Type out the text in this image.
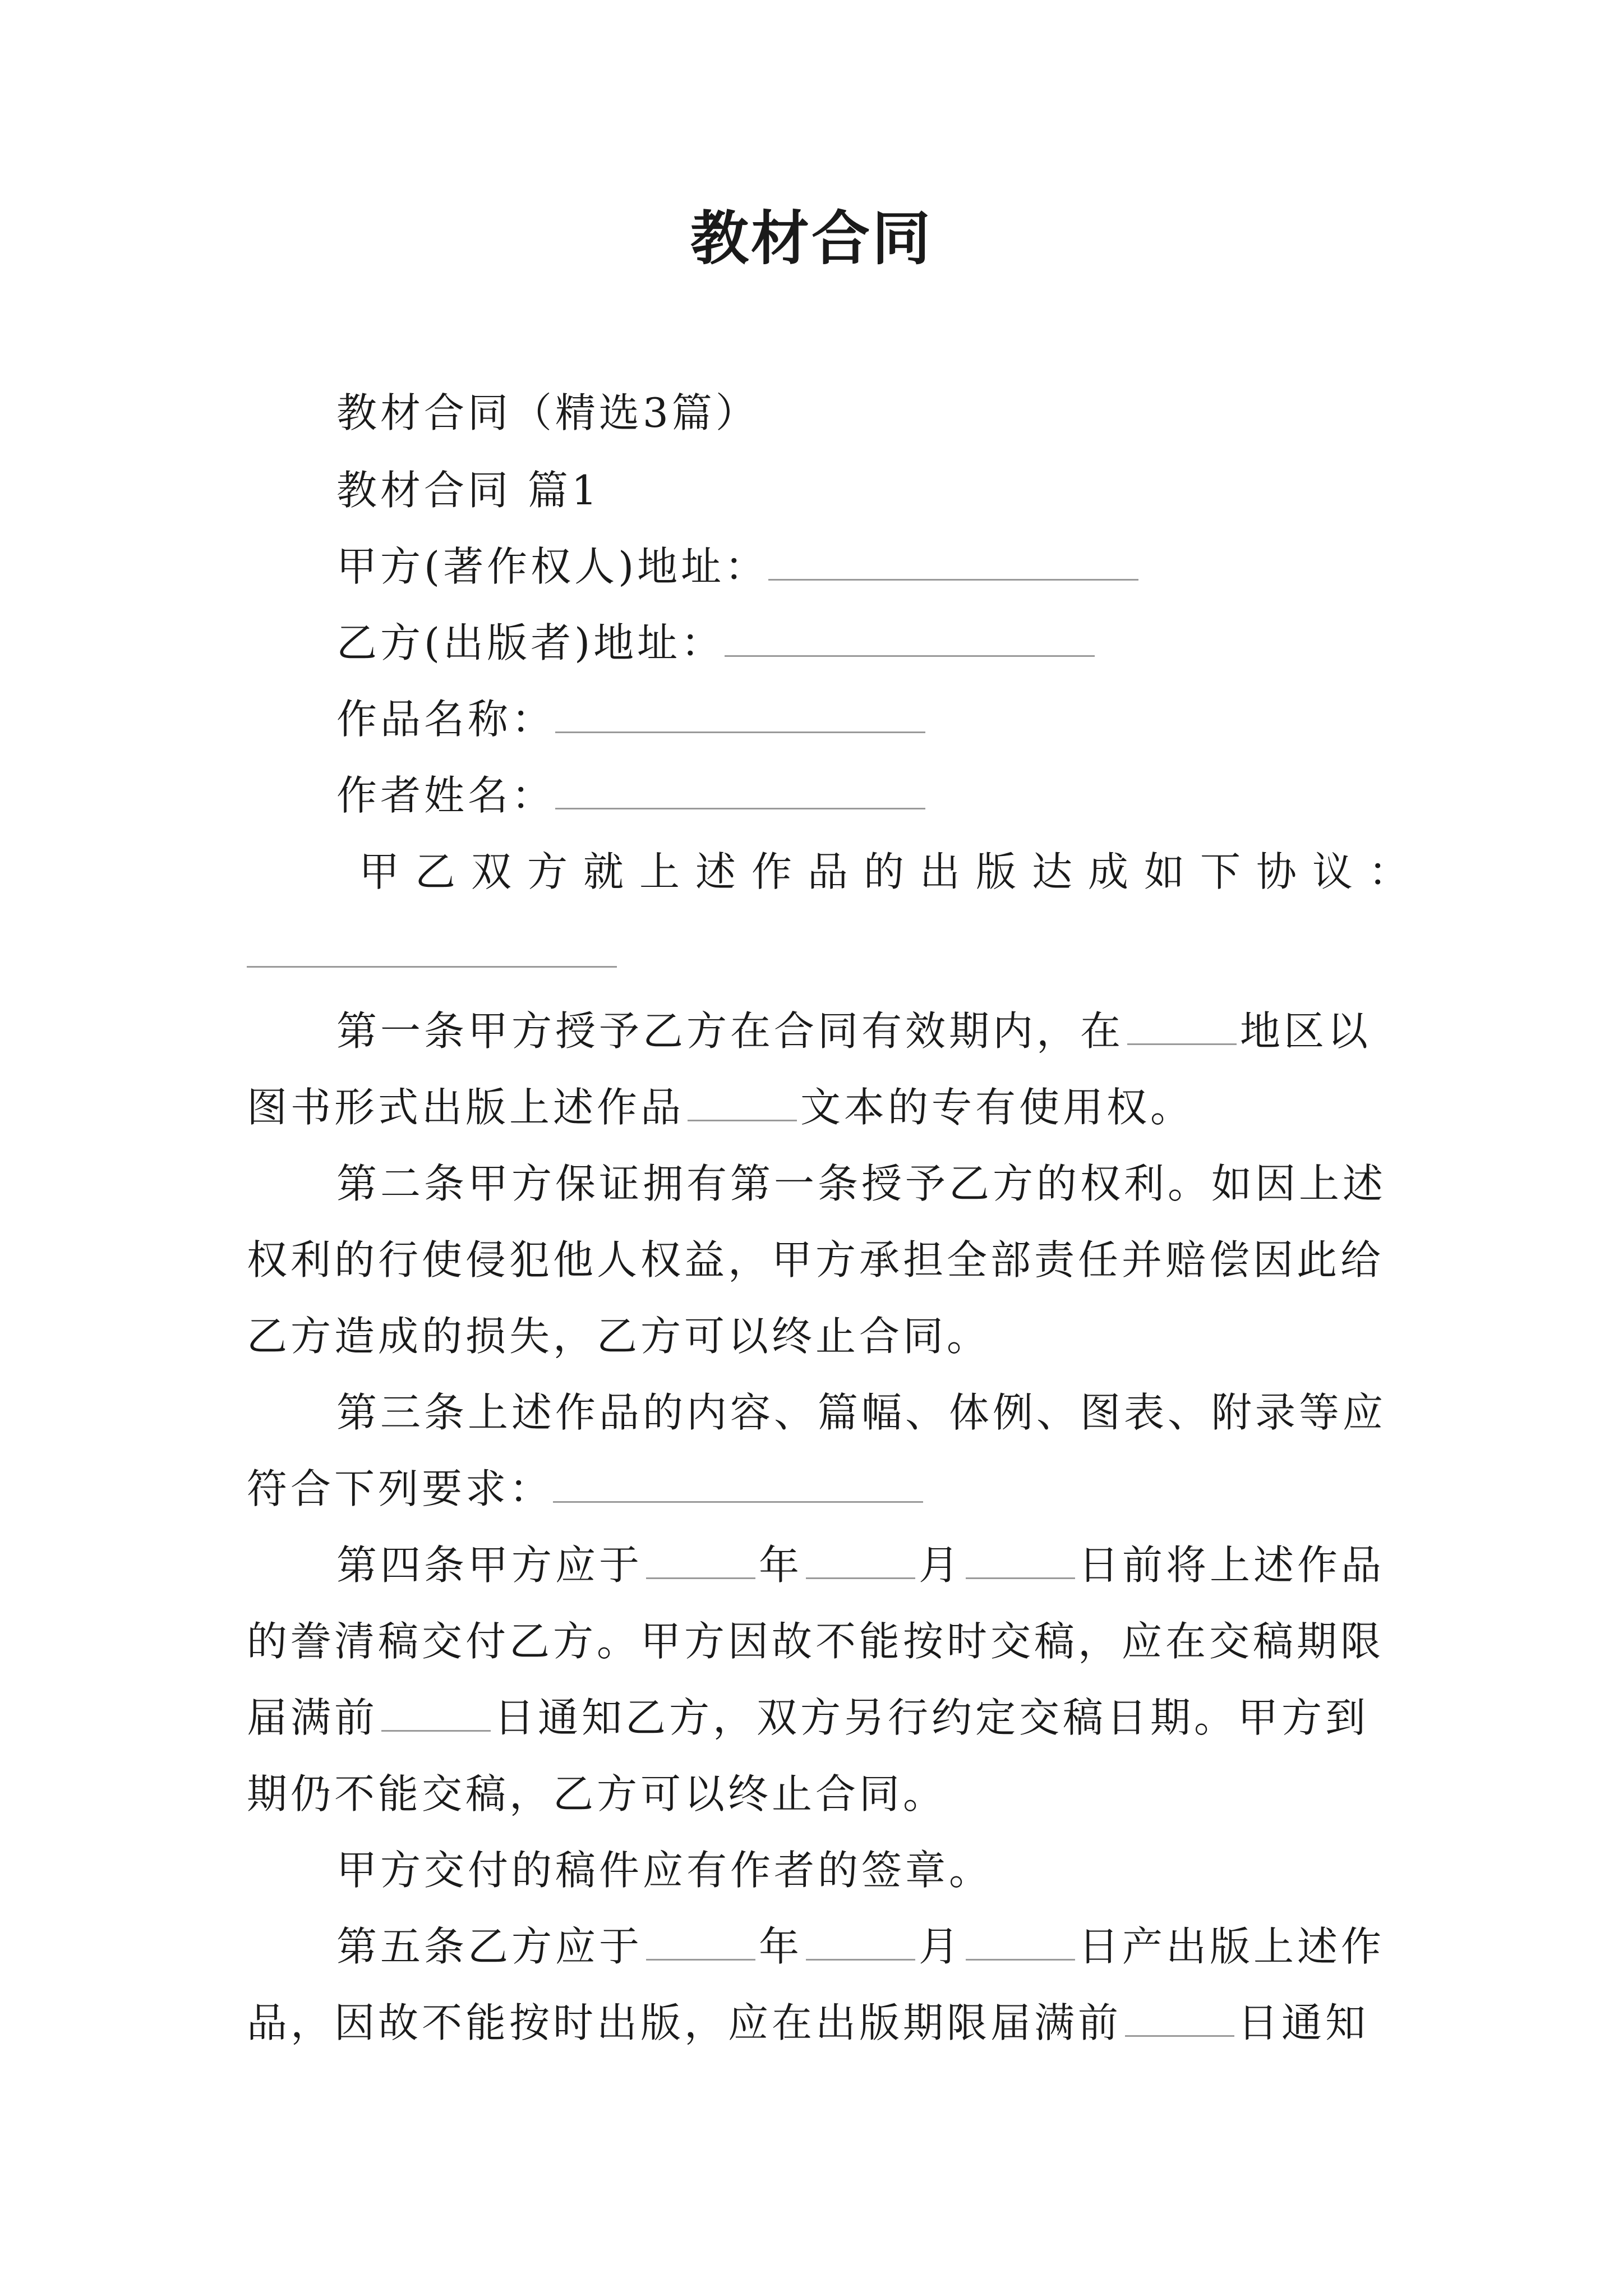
教材合同
教材合同（精选3篇）
教材合同 篇1
甲方(著作权人)地址：
乙方(出版者)地址：
作品名称：
作者姓名：
甲乙双方就上述作品的出版达成如下协议：
第一条甲方授予乙方在合同有效期内，在	地区以
图书形式出版上述作品	文本的专有使用权。
第二条甲方保证拥有第一条授予乙方的权利。如因上述
权利的行使侵犯他人权益，甲方承担全部责任并赔偿因此给
乙方造成的损失，乙方可以终止合同。
第三条上述作品的内容、篇幅、体例、图表、附录等应
符合下列要求：
第四条甲方应于	年	月	日前将上述作品
的誊清稿交付乙方。甲方因故不能按时交稿，应在交稿期限
届满前	日通知乙方，双方另行约定交稿日期。甲方到
期仍不能交稿，乙方可以终止合同。
甲方交付的稿件应有作者的签章。
第五条乙方应于	年	月	日产出版上述作
品，因故不能按时出版，应在出版期限届满前	日通知
